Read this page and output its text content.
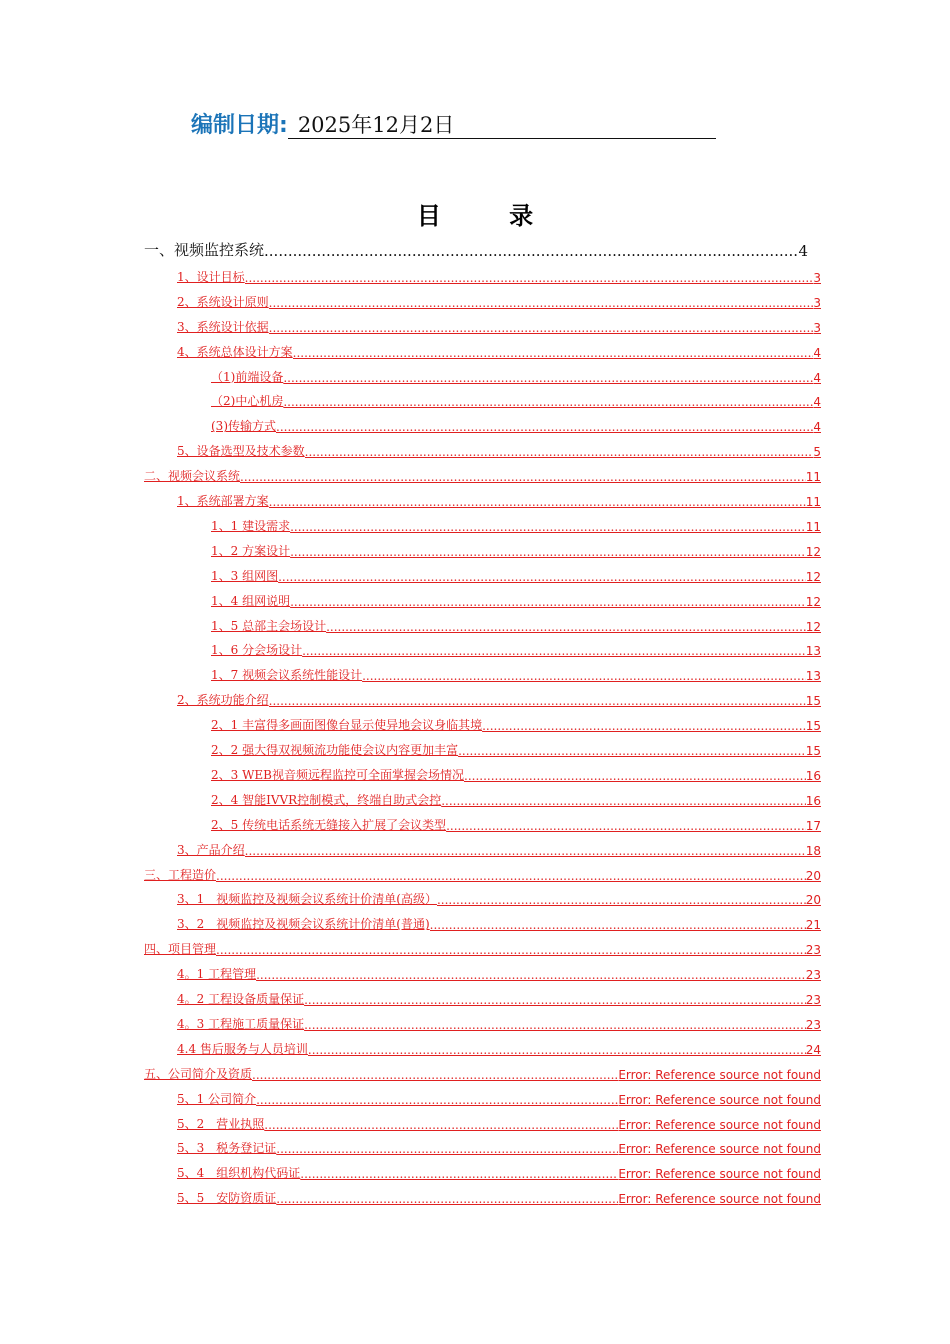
编制日期: 2025年12月2日
目 录
一、视频监控系统 .....	4
1、设计目标 .....	3
2、系统设计原则 .....	3
3、系统设计依据 .....	3
4、系统总体设计方案 .....	4
（1)前端设备 .....	4
（2)中心机房 .....	4
(3)传输方式 .....	4
5、设备选型及技术参数 .....	5
二、视频会议系统 .....	11
1、系统部署方案 .....	11
1、1 建设需求 .....	11
1、2 方案设计 .....	12
1、3 组网图 .....	12
1、4 组网说明 .....	12
1、5 总部主会场设计 .....	12
1、6 分会场设计 .....	13
1、7 视频会议系统性能设计 .....	13
2、系统功能介绍 .....	15
2、1 丰富得多画面图像台显示使异地会议身临其境 .....	15
2、2 强大得双视频流功能使会议内容更加丰富 .....	15
2、3 WEB视音频远程监控可全面掌握会场情况 .....	16
2、4 智能IVVR控制模式，终端自助式会控 .....	16
2、5 传统电话系统无缝接入扩展了会议类型 .....	17
3、产品介绍 .....	18
三、工程造价 .....	20
3、1　视频监控及视频会议系统计价清单(高级） .....	20
3、2　视频监控及视频会议系统计价清单(普通) .....	21
四、项目管理 .....	23
4。1 工程管理 .....	23
4。2 工程设备质量保证 .....	23
4。3 工程施工质量保证 .....	23
4.4 售后服务与人员培训 .....	24
五、公司简介及资质 .....	Error: Reference source not found
5、1 公司简介 .....	Error: Reference source not found
5、2　营业执照 .....	Error: Reference source not found
5、3　税务登记证 .....	Error: Reference source not found
5、4　组织机构代码证 .....	Error: Reference source not found
5、5　安防资质证 .....	Error: Reference source not found
